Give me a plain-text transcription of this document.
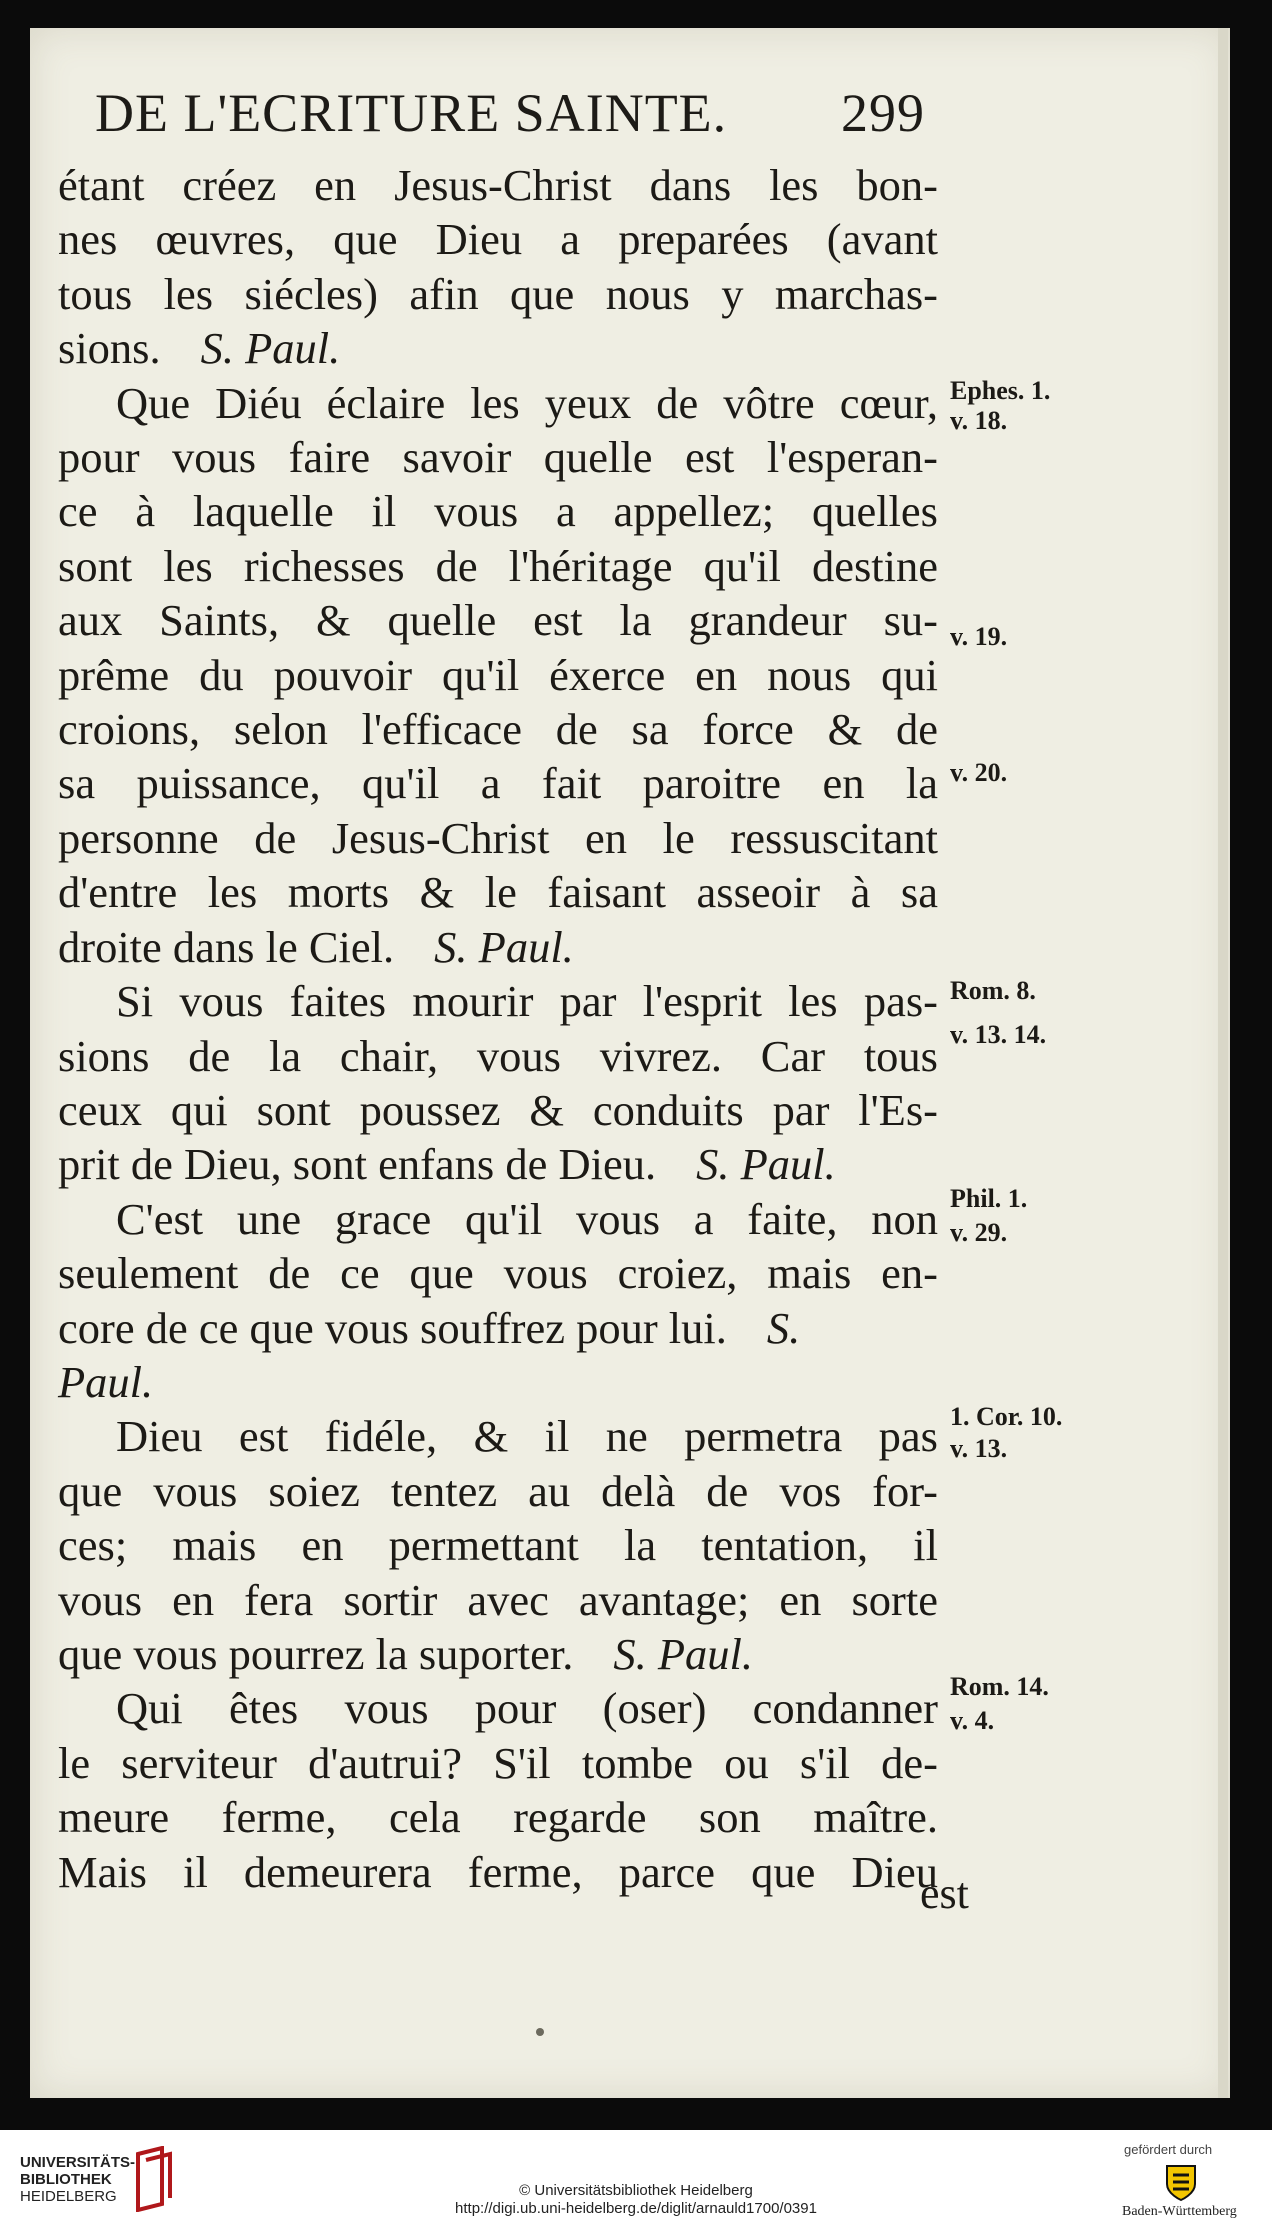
DE L'ECRITURE SAINTE. 299
étant créez en Jesus-Christ dans les bon-
nes œuvres, que Dieu a preparées (avant
tous les siécles) afin que nous y marchas-
sions. S. Paul.
Que Diéu éclaire les yeux de vôtre cœur,
pour vous faire savoir quelle est l'esperan-
ce à laquelle il vous a appellez; quelles
sont les richesses de l'héritage qu'il destine
aux Saints, & quelle est la grandeur su-
prême du pouvoir qu'il éxerce en nous qui
croions, selon l'efficace de sa force & de
sa puissance, qu'il a fait paroitre en la
personne de Jesus-Christ en le ressuscitant
d'entre les morts & le faisant asseoir à sa
droite dans le Ciel. S. Paul.
Si vous faites mourir par l'esprit les pas-
sions de la chair, vous vivrez. Car tous
ceux qui sont poussez & conduits par l'Es-
prit de Dieu, sont enfans de Dieu. S. Paul.
C'est une grace qu'il vous a faite, non
seulement de ce que vous croiez, mais en-
core de ce que vous souffrez pour lui. S.
Paul.
Dieu est fidéle, & il ne permetra pas
que vous soiez tentez au delà de vos for-
ces; mais en permettant la tentation, il
vous en fera sortir avec avantage; en sorte
que vous pourrez la suporter. S. Paul.
Qui êtes vous pour (oser) condanner
le serviteur d'autrui? S'il tombe ou s'il de-
meure ferme, cela regarde son maître.
Mais il demeurera ferme, parce que Dieu
Ephes. 1.
v. 18.
v. 19.
v. 20.
Rom. 8.
v. 13. 14.
Phil. 1.
v. 29.
1. Cor. 10.
v. 13.
Rom. 14.
v. 4.
est
UNIVERSITÄTS-
BIBLIOTHEK
HEIDELBERG	© Universitätsbibliothek Heidelberg
http://digi.ub.uni-heidelberg.de/diglit/arnauld1700/0391
gefördert durch
Baden-Württemberg
